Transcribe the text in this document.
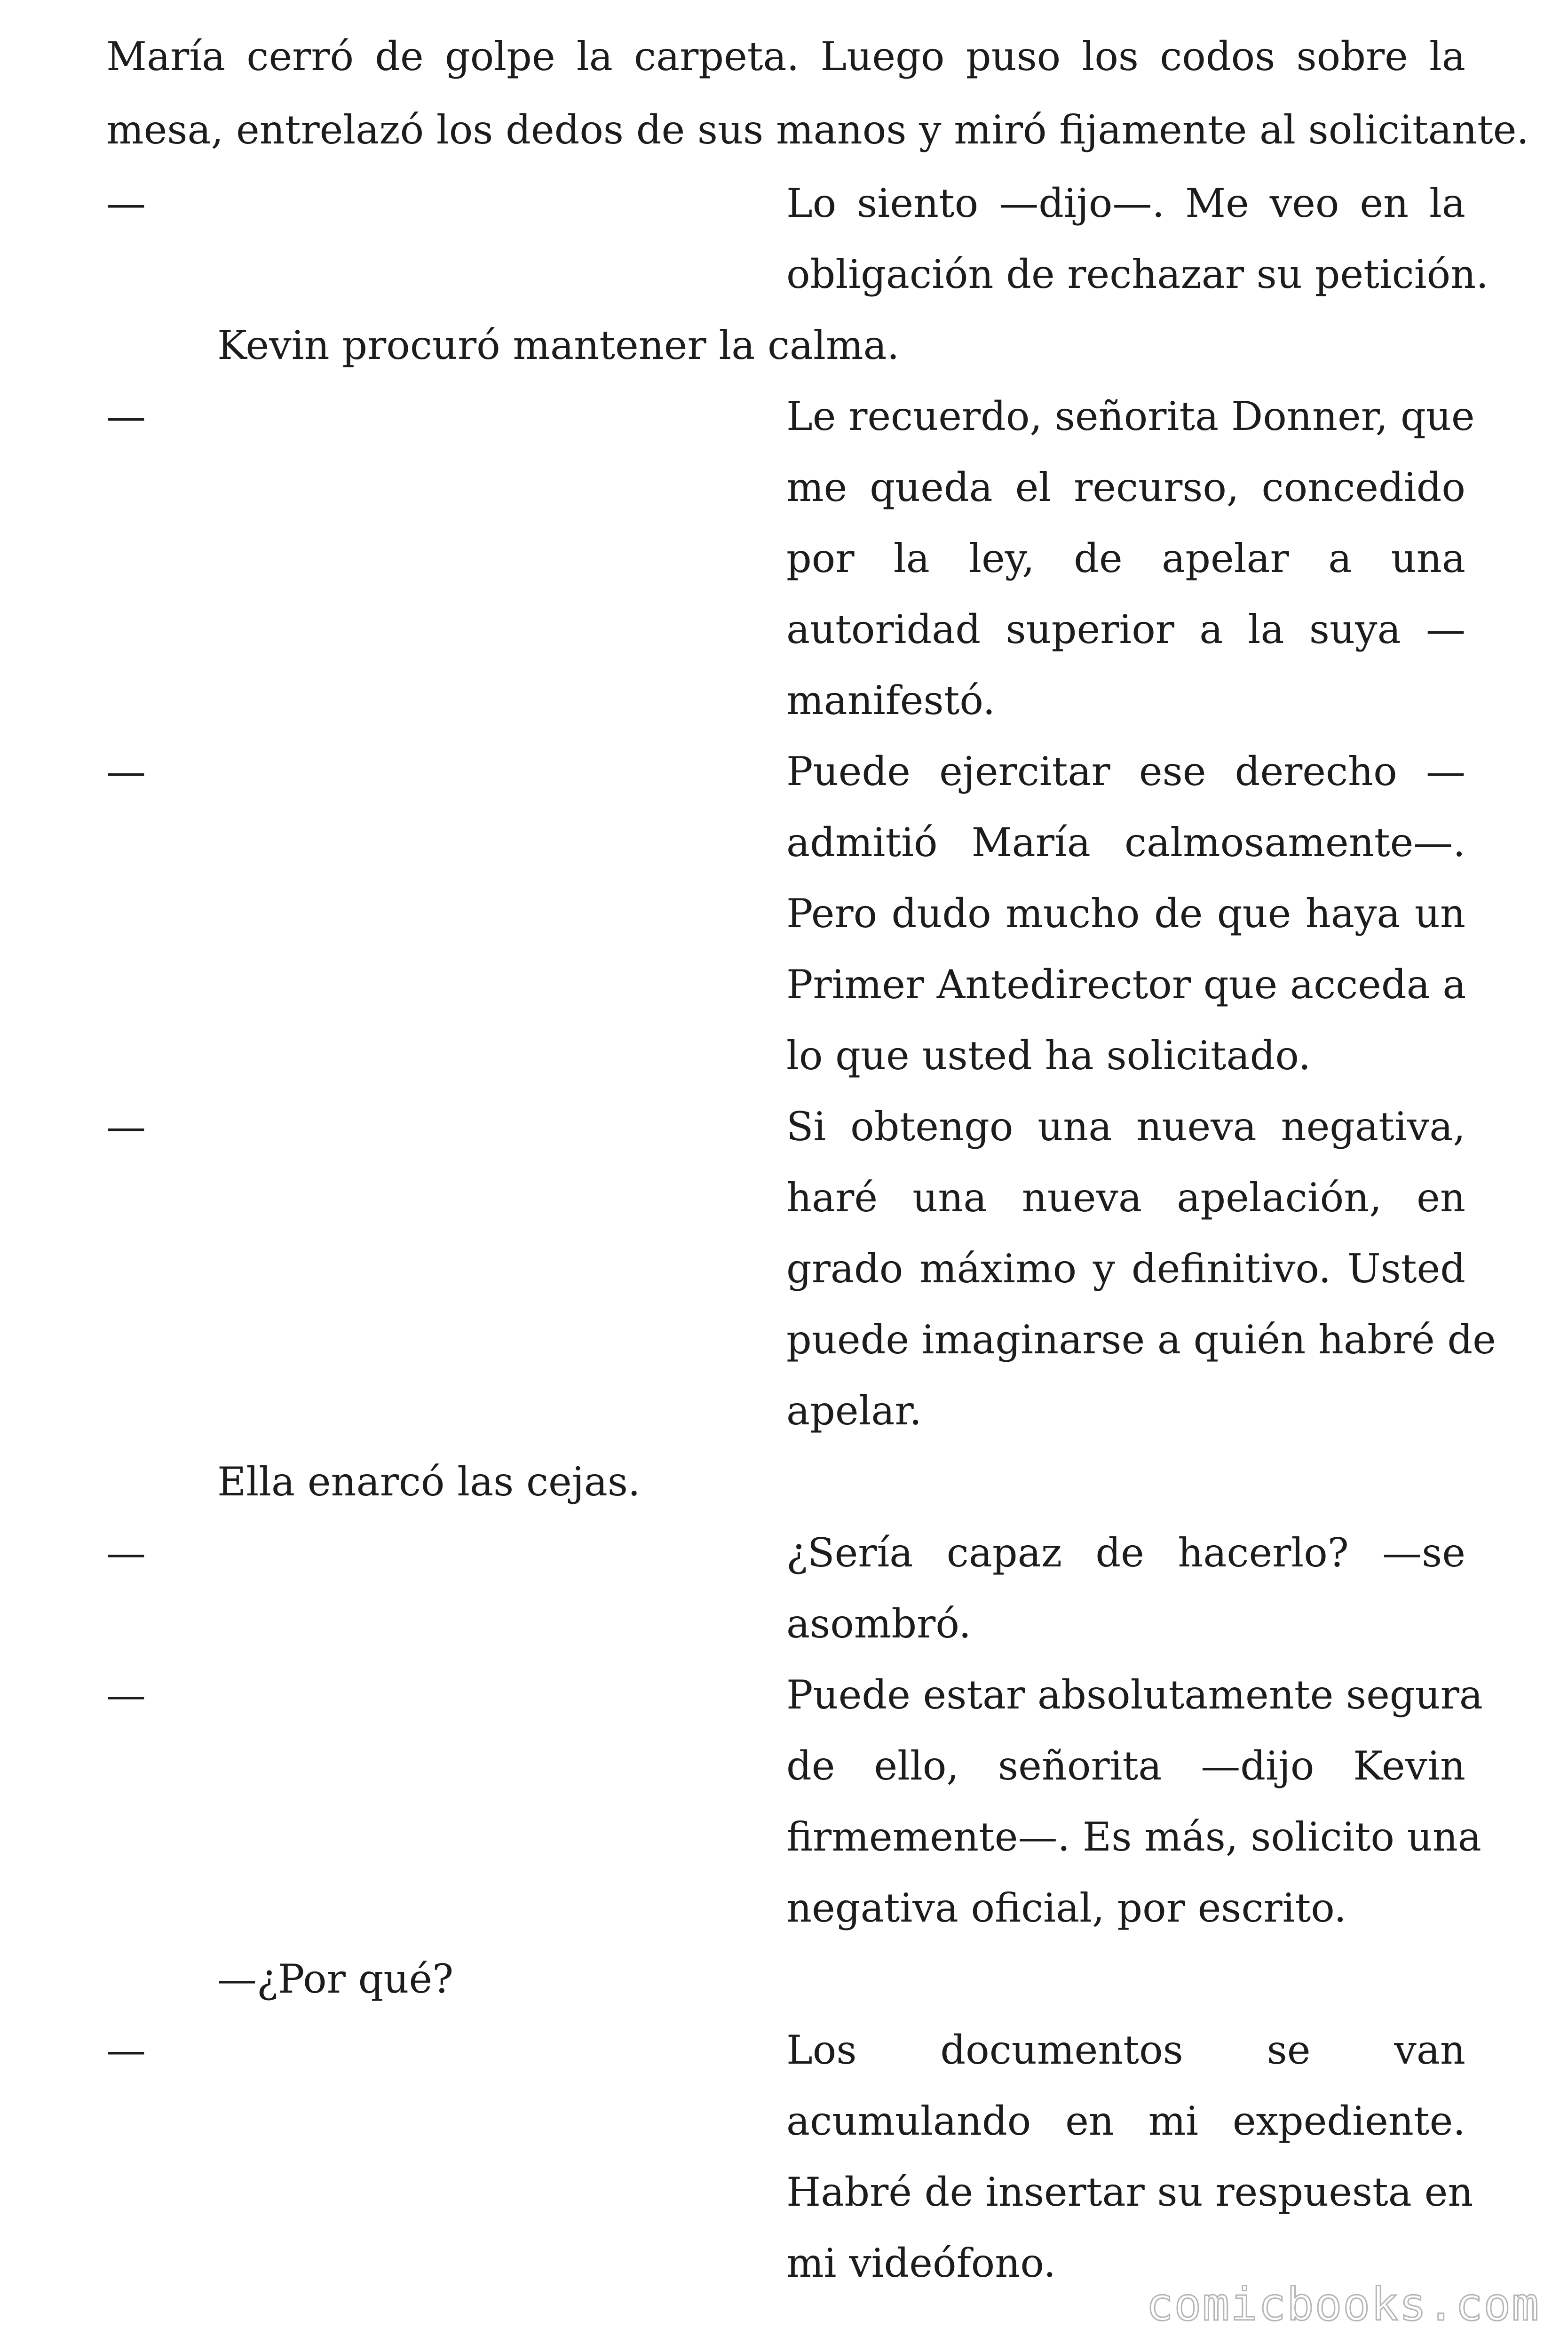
María cerró de golpe la carpeta. Luego puso los codos sobre la
mesa, entrelazó los dedos de sus manos y miró fijamente al solicitante.
—	Lo siento —dijo—. Me veo en la
obligación de rechazar su petición.
Kevin procuró mantener la calma.
—	Le recuerdo, señorita Donner, que
me queda el recurso, concedido
por la ley, de apelar a una
autoridad superior a la suya —
manifestó.
—	Puede ejercitar ese derecho —
admitió María calmosamente—.
Pero dudo mucho de que haya un
Primer Antedirector que acceda a
lo que usted ha solicitado.
—	Si obtengo una nueva negativa,
haré una nueva apelación, en
grado máximo y definitivo. Usted
puede imaginarse a quién habré de
apelar.
Ella enarcó las cejas.
—	¿Sería capaz de hacerlo? —se
asombró.
—	Puede estar absolutamente segura
de ello, señorita —dijo Kevin
firmemente—. Es más, solicito una
negativa oficial, por escrito.
—¿Por qué?
—	Los documentos se van
acumulando en mi expediente.
Habré de insertar su respuesta en
mi videófono.
comicbooks.com
